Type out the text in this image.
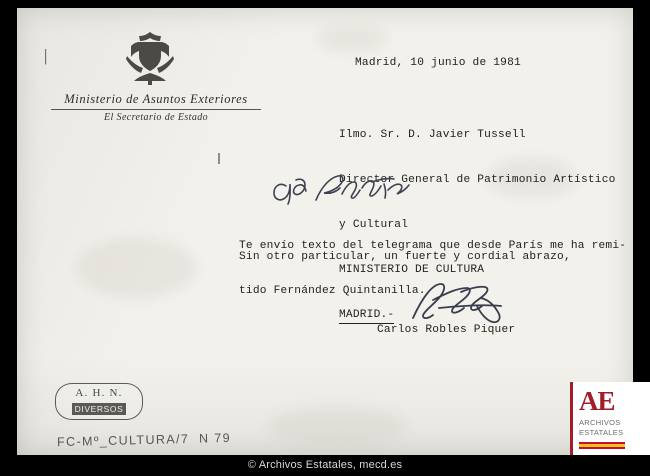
|
Ministerio de Asuntos Exteriores
El Secretario de Estado
Madrid, 10 junio de 1981

Ilmo. Sr. D. Javier Tussell

Director General de Patrimonio Artístico

y Cultural

MINISTERIO DE CULTURA

MADRID.-

Te envío texto del telegrama que desde París me ha remi-

tido Fernández Quintanilla.

Sin otro particular, un fuerte y cordial abrazo,
Carlos Robles Piquer
A. H. N.
DIVERSOS
FC-Mº_CULTURA/7  N 79
AE
ARCHIVOS
ESTATALES
© Archivos Estatales, mecd.es
